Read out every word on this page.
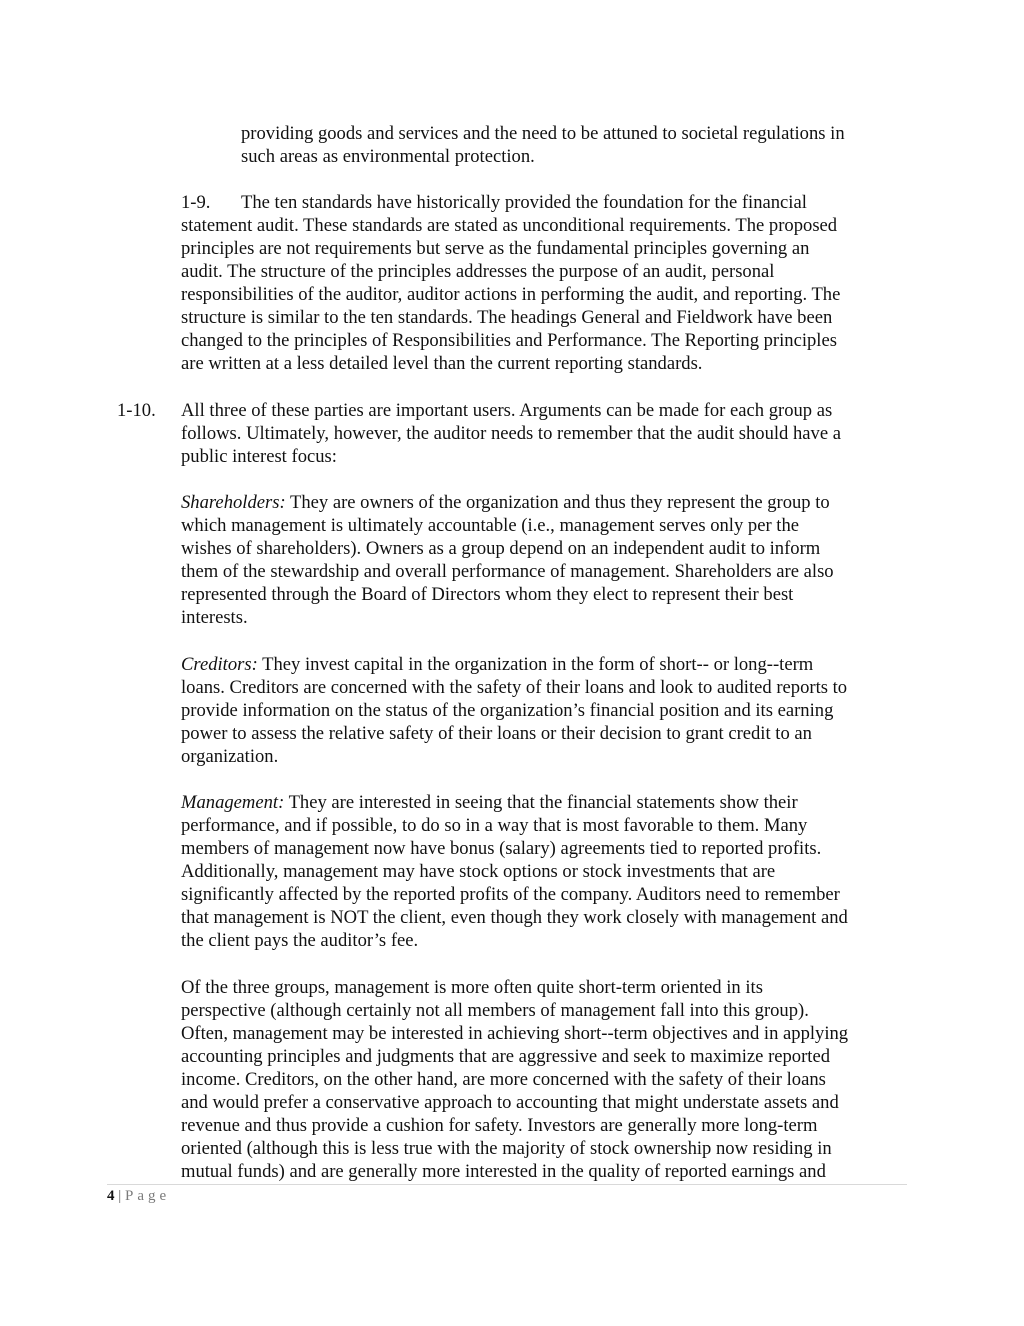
providing goods and services and the need to be attuned to societal regulations in
such areas as environmental protection.

1-9.	The ten standards have historically provided the foundation for the financial
statement audit. These standards are stated as unconditional requirements. The proposed
principles are not requirements but serve as the fundamental principles governing an
audit. The structure of the principles addresses the purpose of an audit, personal
responsibilities of the auditor, auditor actions in performing the audit, and reporting. The
structure is similar to the ten standards. The headings General and Fieldwork have been
changed to the principles of Responsibilities and Performance. The Reporting principles
are written at a less detailed level than the current reporting standards.

1-10. All three of these parties are important users. Arguments can be made for each group as
follows. Ultimately, however, the auditor needs to remember that the audit should have a
public interest focus:

Shareholders: They are owners of the organization and thus they represent the group to
which management is ultimately accountable (i.e., management serves only per the
wishes of shareholders). Owners as a group depend on an independent audit to inform
them of the stewardship and overall performance of management. Shareholders are also
represented through the Board of Directors whom they elect to represent their best
interests.

Creditors: They invest capital in the organization in the form of short-- or long--term
loans. Creditors are concerned with the safety of their loans and look to audited reports to
provide information on the status of the organization’s financial position and its earning
power to assess the relative safety of their loans or their decision to grant credit to an
organization.

Management: They are interested in seeing that the financial statements show their
performance, and if possible, to do so in a way that is most favorable to them. Many
members of management now have bonus (salary) agreements tied to reported profits.
Additionally, management may have stock options or stock investments that are
significantly affected by the reported profits of the company. Auditors need to remember
that management is NOT the client, even though they work closely with management and
the client pays the auditor’s fee.

Of the three groups, management is more often quite short-term oriented in its
perspective (although certainly not all members of management fall into this group).
Often, management may be interested in achieving short--term objectives and in applying
accounting principles and judgments that are aggressive and seek to maximize reported
income. Creditors, on the other hand, are more concerned with the safety of their loans
and would prefer a conservative approach to accounting that might understate assets and
revenue and thus provide a cushion for safety. Investors are generally more long-term
oriented (although this is less true with the majority of stock ownership now residing in
mutual funds) and are generally more interested in the quality of reported earnings and

4 | Page
